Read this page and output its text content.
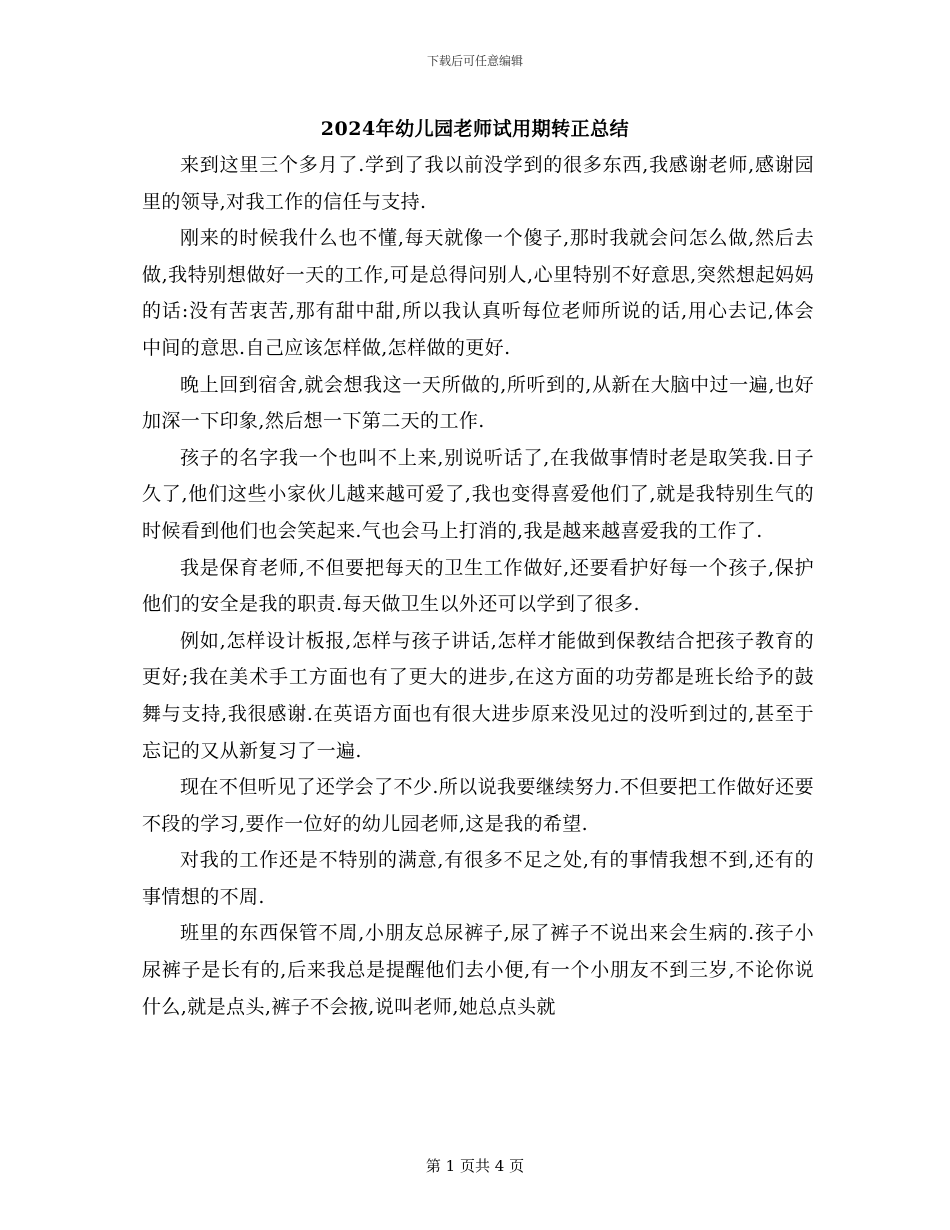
下载后可任意编辑
2024年幼儿园老师试用期转正总结

来到这里三个多月了.学到了我以前没学到的很多东西,我感谢老师,感谢园里的领导,对我工作的信任与支持.

刚来的时候我什么也不懂,每天就像一个傻子,那时我就会问怎么做,然后去做,我特别想做好一天的工作,可是总得问别人,心里特别不好意思,突然想起妈妈的话:没有苦衷苦,那有甜中甜,所以我认真听每位老师所说的话,用心去记,体会中间的意思.自己应该怎样做,怎样做的更好.

晚上回到宿舍,就会想我这一天所做的,所听到的,从新在大脑中过一遍,也好加深一下印象,然后想一下第二天的工作.

孩子的名字我一个也叫不上来,别说听话了,在我做事情时老是取笑我.日子久了,他们这些小家伙儿越来越可爱了,我也变得喜爱他们了,就是我特别生气的时候看到他们也会笑起来.气也会马上打消的,我是越来越喜爱我的工作了.

我是保育老师,不但要把每天的卫生工作做好,还要看护好每一个孩子,保护他们的安全是我的职责.每天做卫生以外还可以学到了很多.

例如,怎样设计板报,怎样与孩子讲话,怎样才能做到保教结合把孩子教育的更好;我在美术手工方面也有了更大的进步,在这方面的功劳都是班长给予的鼓舞与支持,我很感谢.在英语方面也有很大进步原来没见过的没听到过的,甚至于忘记的又从新复习了一遍.

现在不但听见了还学会了不少.所以说我要继续努力.不但要把工作做好还要不段的学习,要作一位好的幼儿园老师,这是我的希望.

对我的工作还是不特别的满意,有很多不足之处,有的事情我想不到,还有的事情想的不周.

班里的东西保管不周,小朋友总尿裤子,尿了裤子不说出来会生病的.孩子小尿裤子是长有的,后来我总是提醒他们去小便,有一个小朋友不到三岁,不论你说什么,就是点头,裤子不会掖,说叫老师,她总点头就

第 1 页共 4 页
